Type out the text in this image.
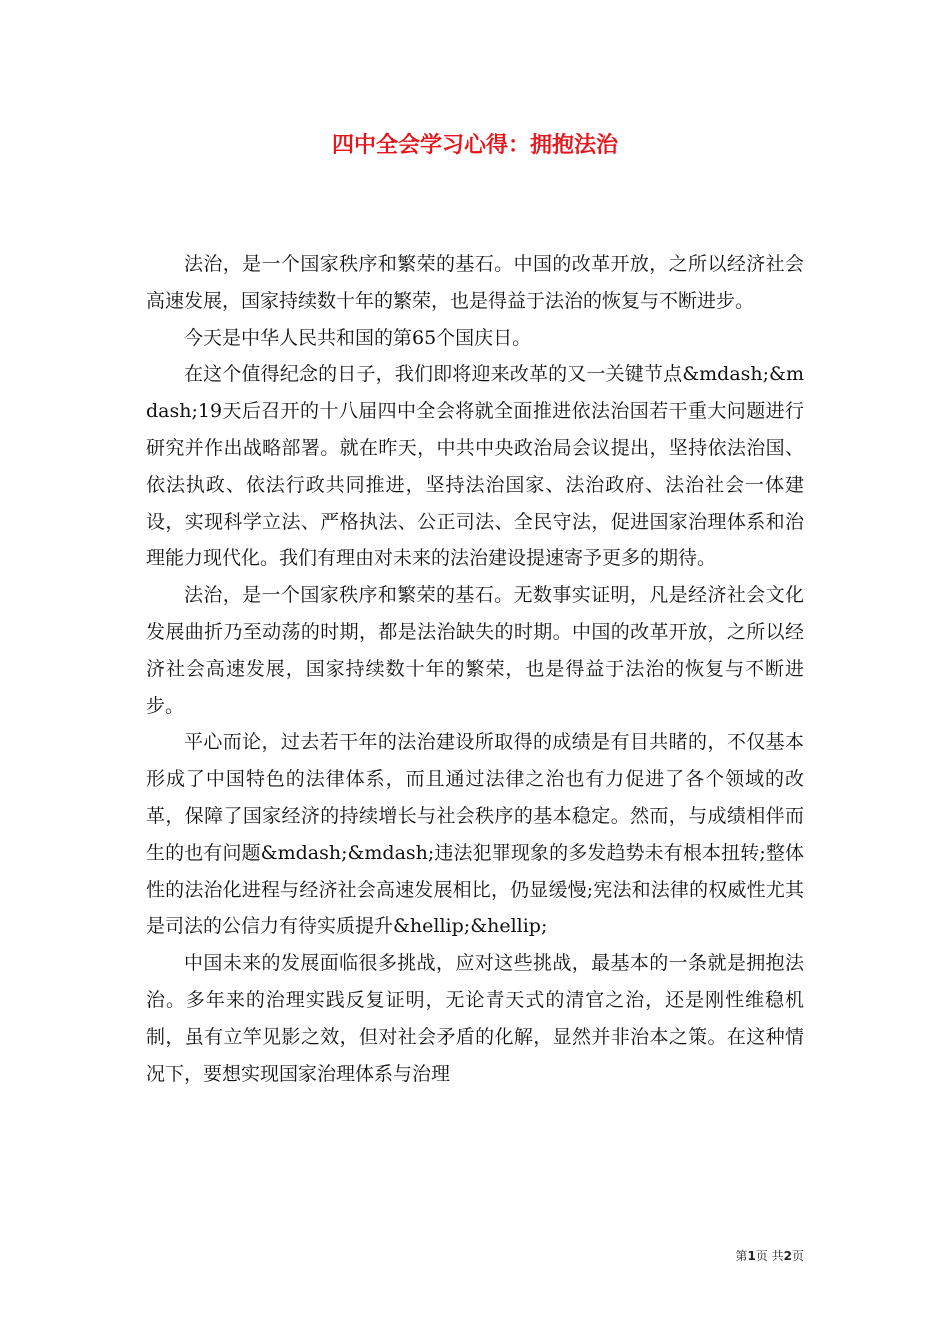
四中全会学习心得：拥抱法治

法治，是一个国家秩序和繁荣的基石。中国的改革开放，之所以经济社会高速发展，国家持续数十年的繁荣，也是得益于法治的恢复与不断进步。

今天是中华人民共和国的第65个国庆日。

在这个值得纪念的日子，我们即将迎来改革的又一关键节点&mdash;&mdash;19天后召开的十八届四中全会将就全面推进依法治国若干重大问题进行研究并作出战略部署。就在昨天，中共中央政治局会议提出，坚持依法治国、依法执政、依法行政共同推进，坚持法治国家、法治政府、法治社会一体建设，实现科学立法、严格执法、公正司法、全民守法，促进国家治理体系和治理能力现代化。我们有理由对未来的法治建设提速寄予更多的期待。

法治，是一个国家秩序和繁荣的基石。无数事实证明，凡是经济社会文化发展曲折乃至动荡的时期，都是法治缺失的时期。中国的改革开放，之所以经济社会高速发展，国家持续数十年的繁荣，也是得益于法治的恢复与不断进步。

平心而论，过去若干年的法治建设所取得的成绩是有目共睹的，不仅基本形成了中国特色的法律体系，而且通过法律之治也有力促进了各个领域的改革，保障了国家经济的持续增长与社会秩序的基本稳定。然而，与成绩相伴而生的也有问题&mdash;&mdash;违法犯罪现象的多发趋势未有根本扭转;整体性的法治化进程与经济社会高速发展相比，仍显缓慢;宪法和法律的权威性尤其是司法的公信力有待实质提升&hellip;&hellip;

中国未来的发展面临很多挑战，应对这些挑战，最基本的一条就是拥抱法治。多年来的治理实践反复证明，无论青天式的清官之治，还是刚性维稳机制，虽有立竿见影之效，但对社会矛盾的化解，显然并非治本之策。在这种情况下，要想实现国家治理体系与治理

第1页 共2页
